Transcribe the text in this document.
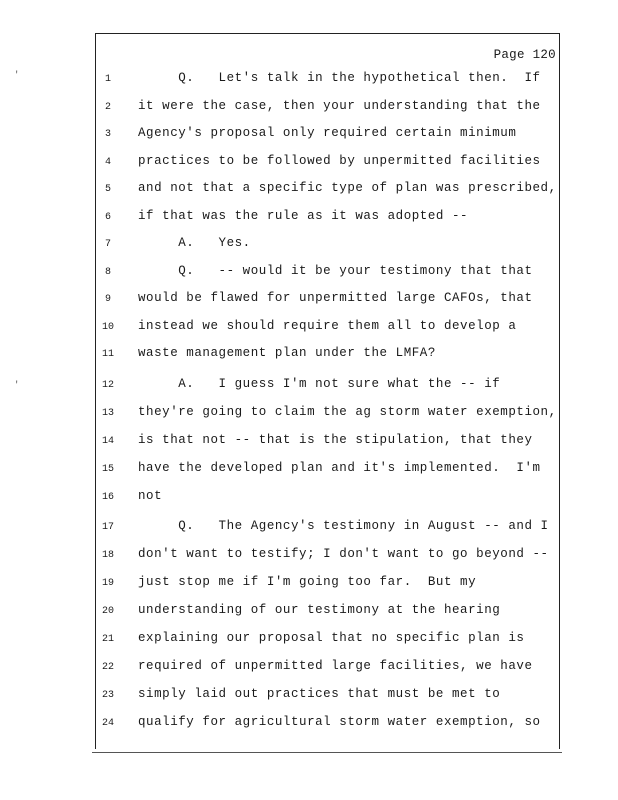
Page 120
'
'
1	Q.   Let's talk in the hypothetical then.  If
2	it were the case, then your understanding that the
3	Agency's proposal only required certain minimum
4	practices to be followed by unpermitted facilities
5	and not that a specific type of plan was prescribed,
6	if that was the rule as it was adopted --
7	A.   Yes.
8	Q.   -- would it be your testimony that that
9	would be flawed for unpermitted large CAFOs, that
10	instead we should require them all to develop a
11	waste management plan under the LMFA?
12	A.   I guess I'm not sure what the -- if
13	they're going to claim the ag storm water exemption,
14	is that not -- that is the stipulation, that they
15	have the developed plan and it's implemented.  I'm
16	not
17	Q.   The Agency's testimony in August -- and I
18	don't want to testify; I don't want to go beyond --
19	just stop me if I'm going too far.  But my
20	understanding of our testimony at the hearing
21	explaining our proposal that no specific plan is
22	required of unpermitted large facilities, we have
23	simply laid out practices that must be met to
24	qualify for agricultural storm water exemption, so
